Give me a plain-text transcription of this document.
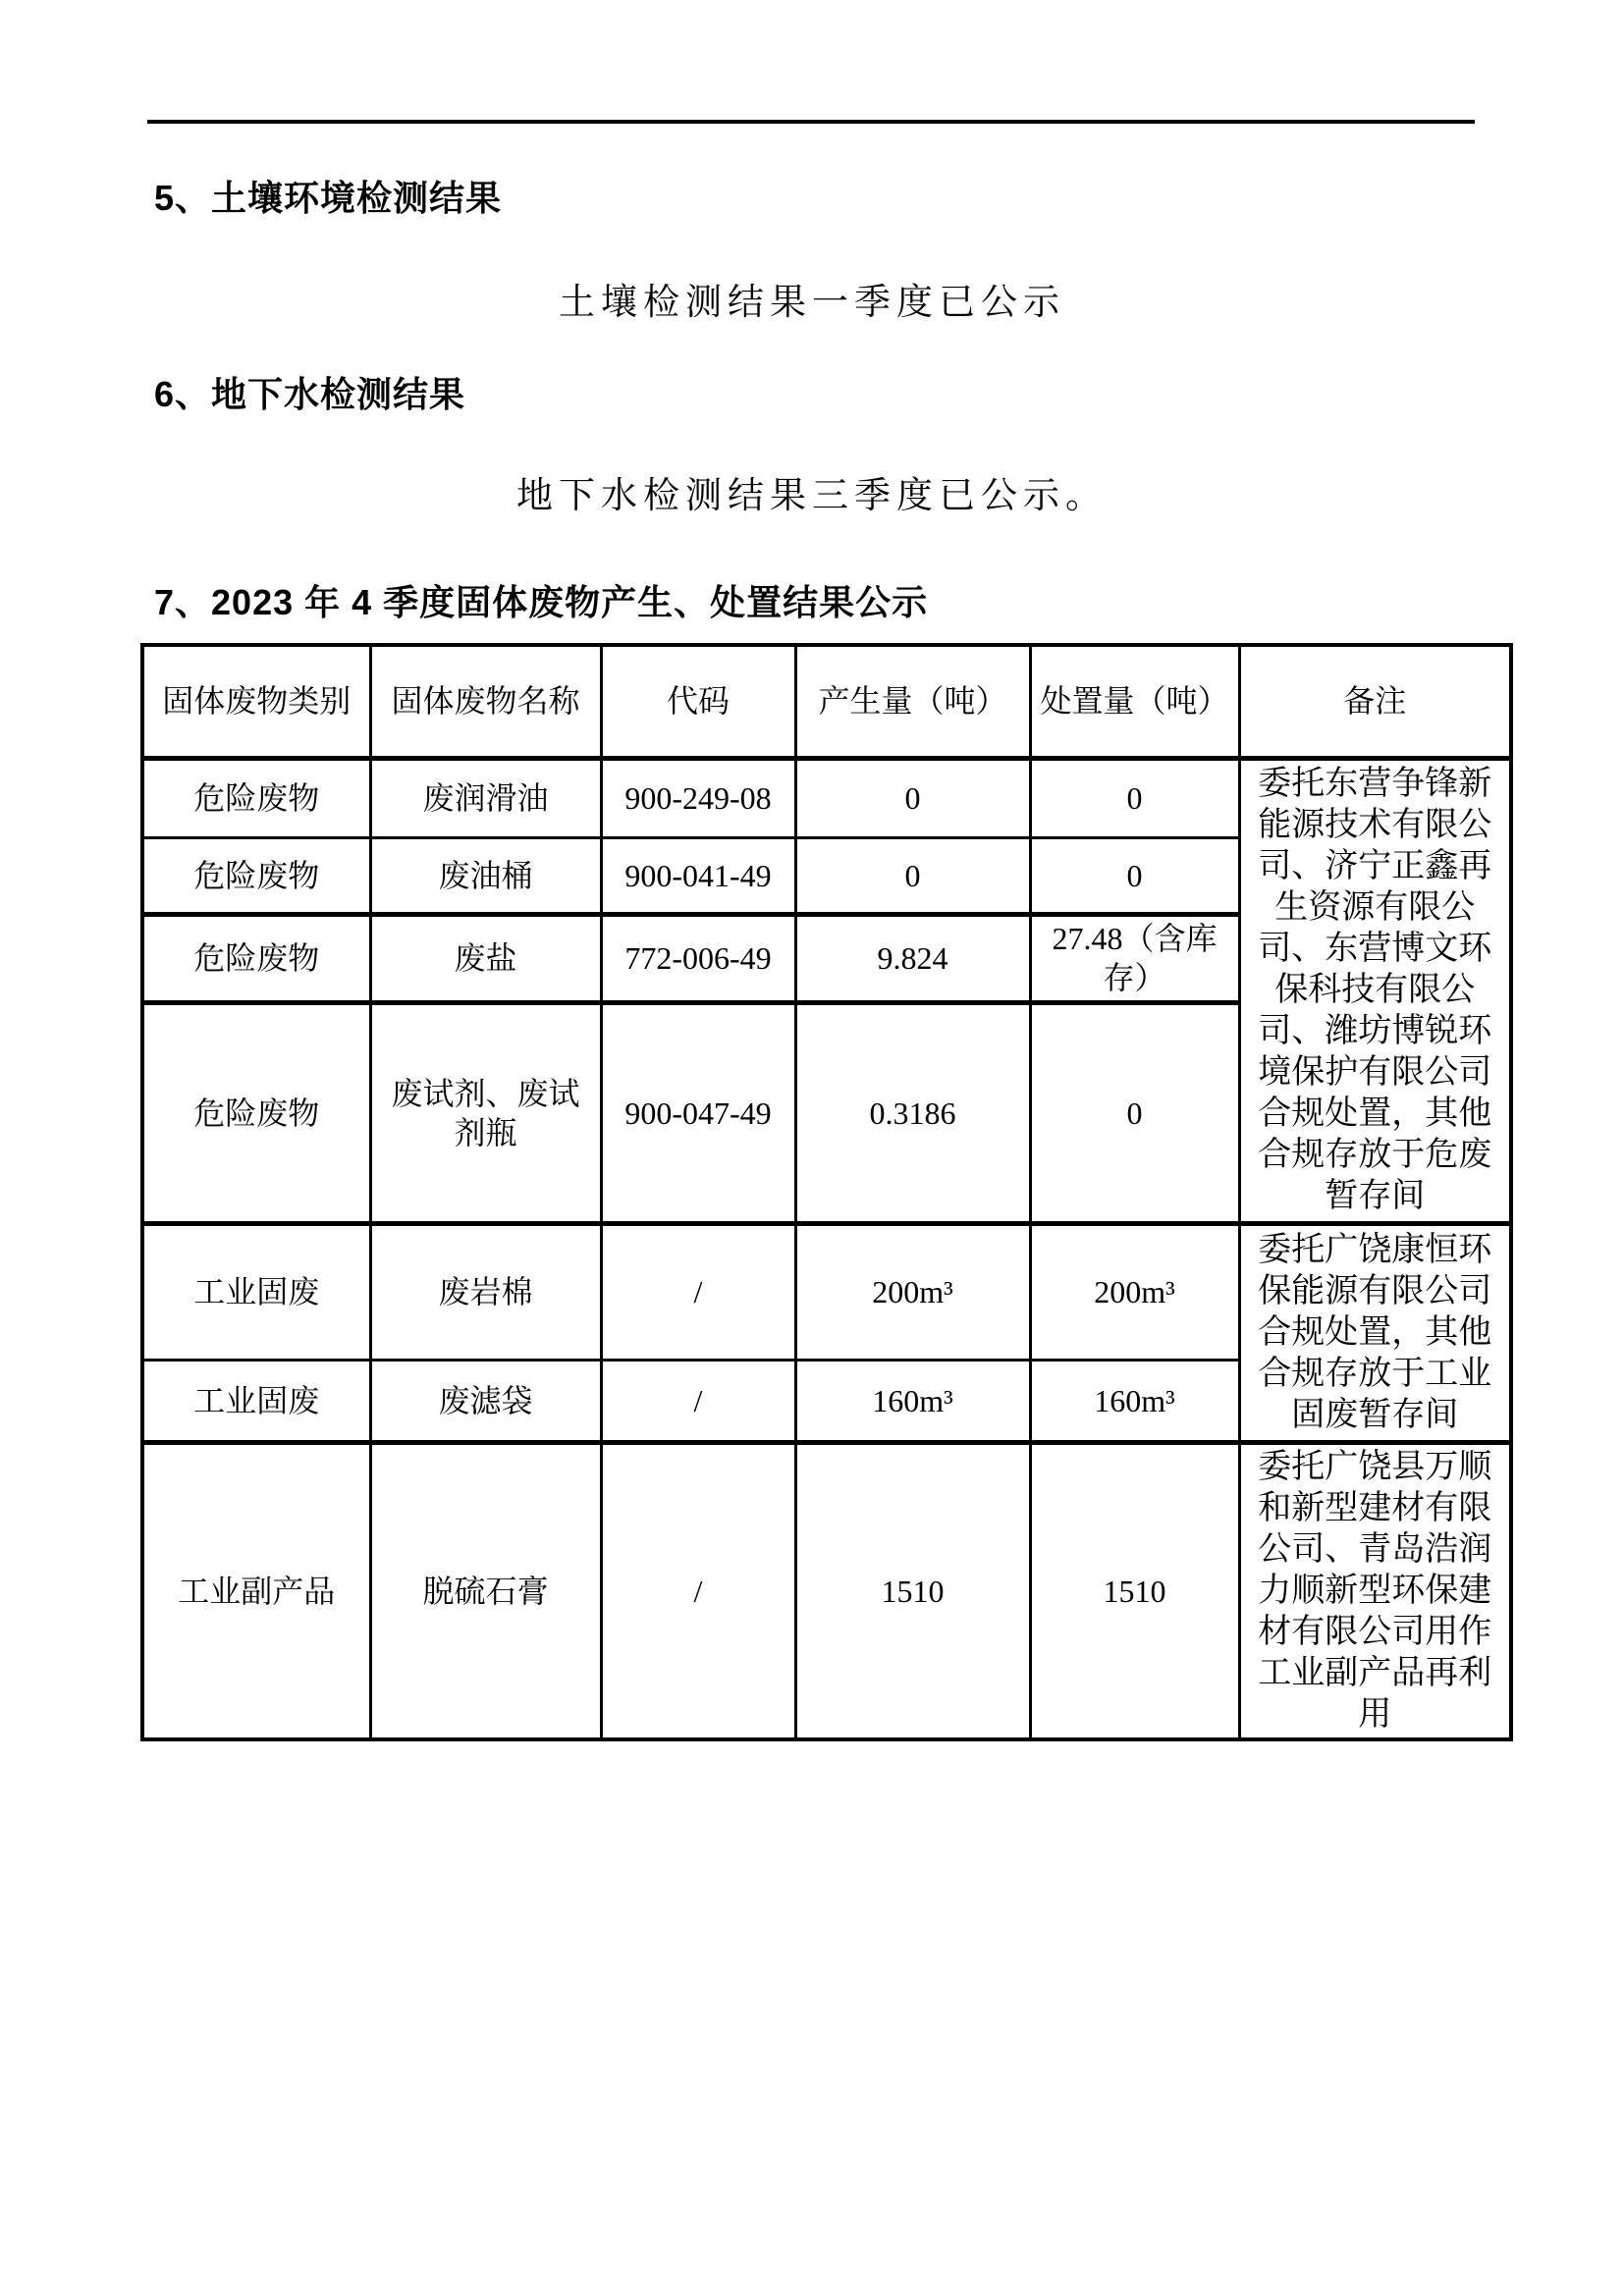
5、土壤环境检测结果
土壤检测结果一季度已公示
6、地下水检测结果
地下水检测结果三季度已公示。
7、2023 年 4 季度固体废物产生、处置结果公示
固体废物类别	固体废物名称	代码	产生量（吨）	处置量（吨）	备注
危险废物	废润滑油	900-249-08	0	0	委托东营争锋新能源技术有限公司、济宁正鑫再生资源有限公司、东营博文环保科技有限公司、潍坊博锐环境保护有限公司合规处置，其他合规存放于危废暂存间
危险废物	废油桶	900-041-49	0	0	
危险废物	废盐	772-006-49	9.824	27.48（含库存）	
危险废物	废试剂、废试剂瓶	900-047-49	0.3186	0	
工业固废	废岩棉	/	200m³	200m³	委托广饶康恒环保能源有限公司合规处置，其他合规存放于工业固废暂存间
工业固废	废滤袋	/	160m³	160m³	
工业副产品	脱硫石膏	/	1510	1510	委托广饶县万顺和新型建材有限公司、青岛浩润力顺新型环保建材有限公司用作工业副产品再利用
